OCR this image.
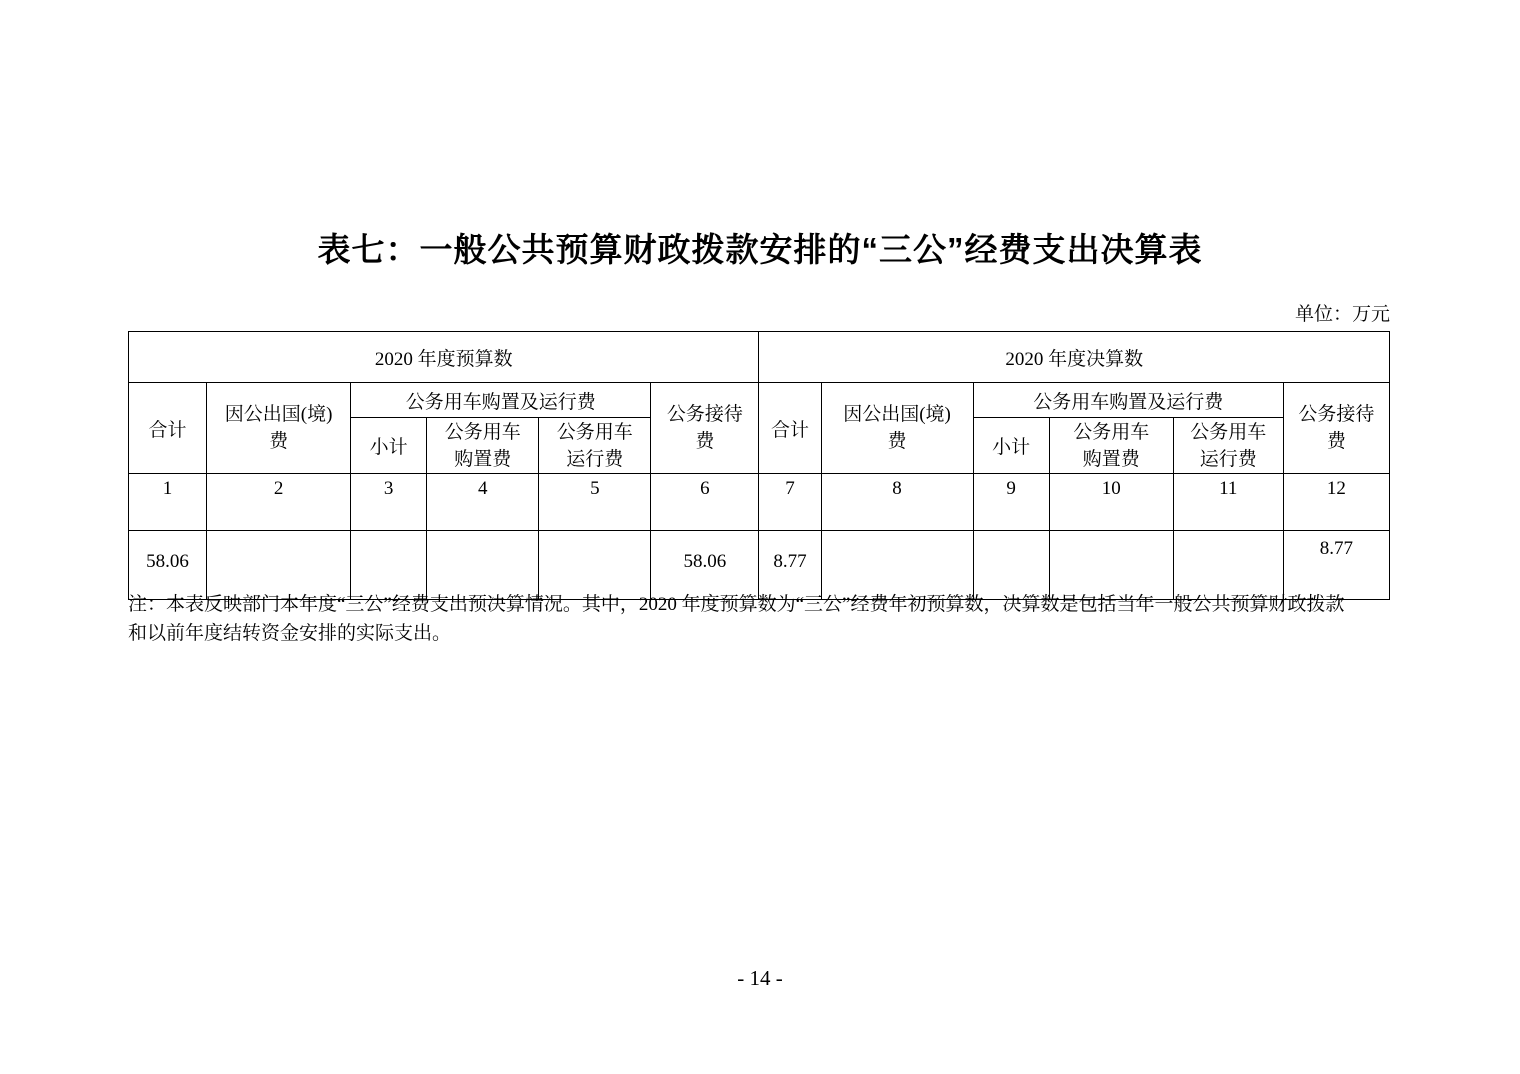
表七：一般公共预算财政拨款安排的“三公”经费支出决算表
单位：万元
2020 年度预算数						2020 年度决算数					
合计	因公出国(境)费	公务用车购置及运行费			公务接待费	合计	因公出国(境)费	公务用车购置及运行费			公务接待费

		小计	公务用车购置费	公务用车运行费				小计	公务用车购置费	公务用车运行费	

1	2	3	4	5	6	7	8	9	10	11	12
58.06					58.06	8.77					8.77
注：本表反映部门本年度“三公”经费支出预决算情况。其中，2020 年度预算数为“三公”经费年初预算数，决算数是包括当年一般公共预算财政拨款
和以前年度结转资金安排的实际支出。
- 14 -
